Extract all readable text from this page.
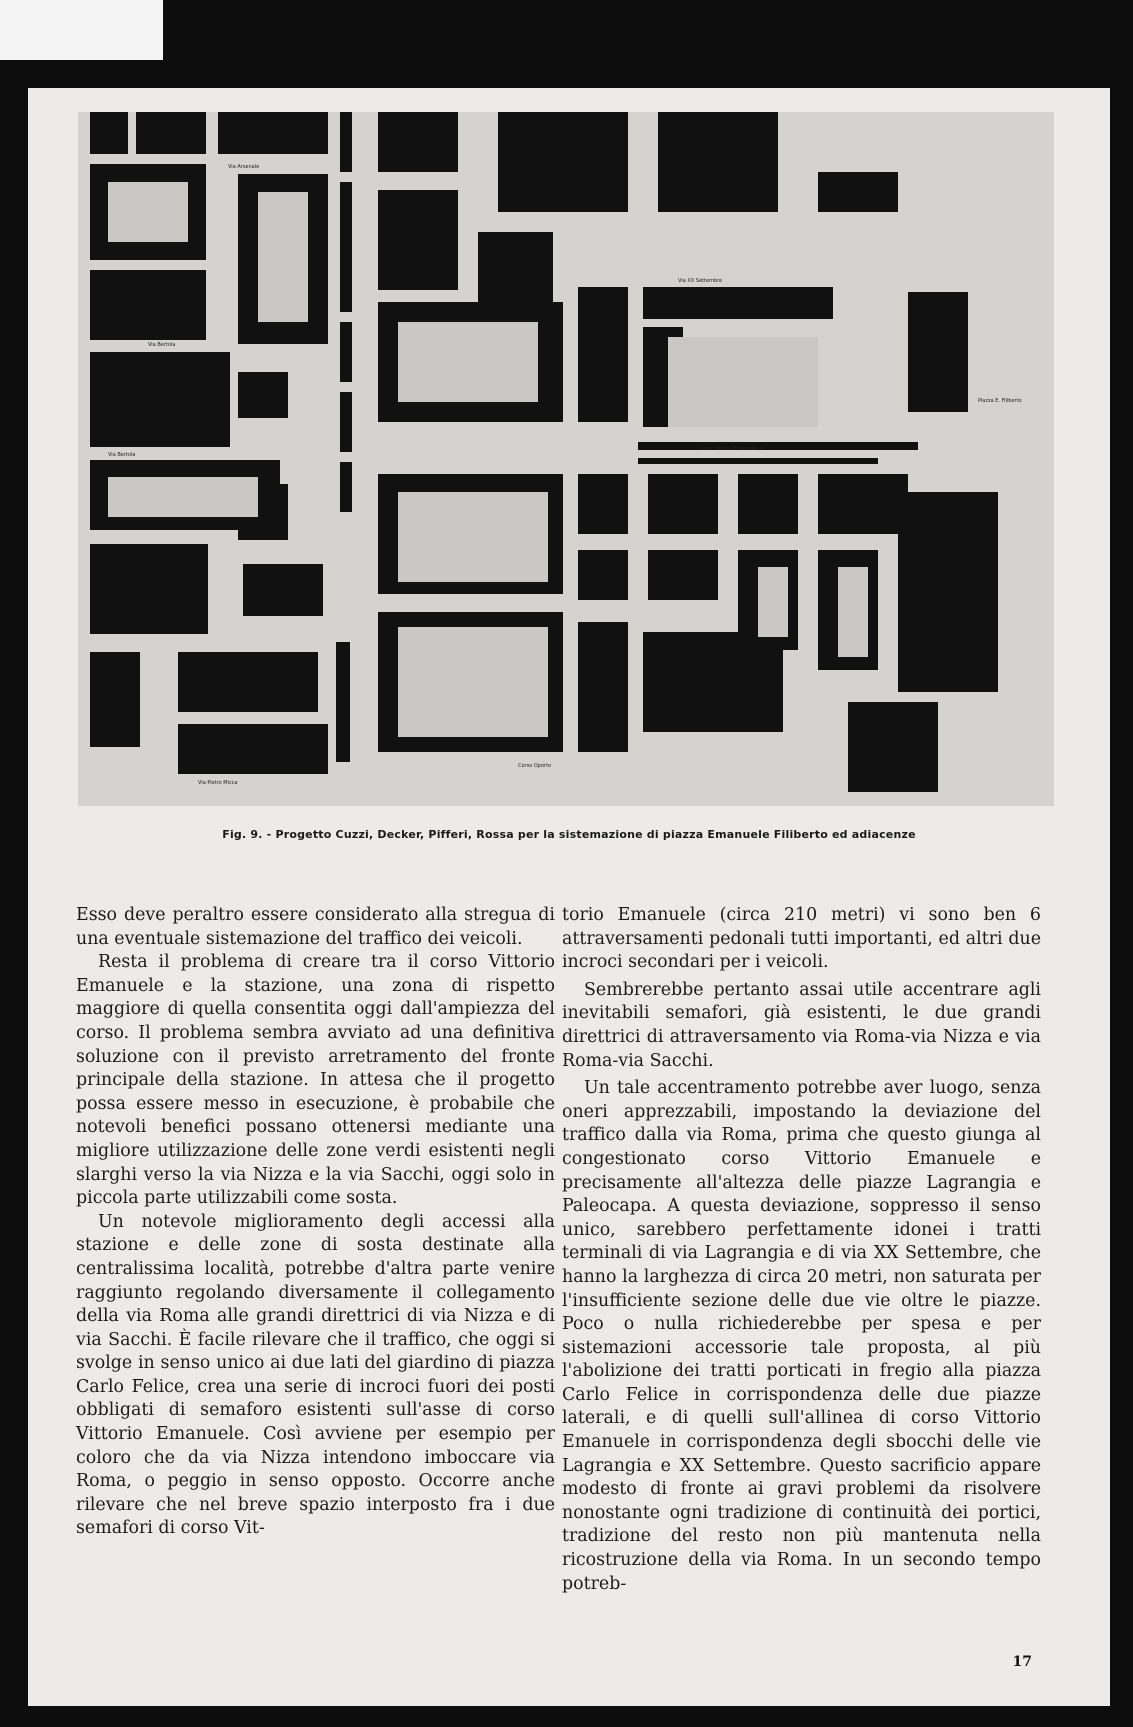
Via Arsenale
Via Bertola
Via Bertola
Via XX Settembre
Corso Vittorio Emanuele II
Piazza E. Filiberto
Via Pietro Micca
Corso Oporto
Fig. 9. - Progetto Cuzzi, Decker, Pifferi, Rossa per la sistemazione di piazza Emanuele Filiberto ed adiacenze

Esso deve peraltro essere considerato alla stregua di una eventuale sistemazione del traffico dei veicoli.

Resta il problema di creare tra il corso Vittorio Emanuele e la stazione, una zona di rispetto maggiore di quella consentita oggi dall'ampiezza del corso. Il problema sembra avviato ad una definitiva soluzione con il previsto arretramento del fronte principale della stazione. In attesa che il progetto possa essere messo in esecuzione, è probabile che notevoli benefici possano ottenersi mediante una migliore utilizzazione delle zone verdi esistenti negli slarghi verso la via Nizza e la via Sacchi, oggi solo in piccola parte utilizzabili come sosta.

Un notevole miglioramento degli accessi alla stazione e delle zone di sosta destinate alla centralissima località, potrebbe d'altra parte venire raggiunto regolando diversamente il collegamento della via Roma alle grandi direttrici di via Nizza e di via Sacchi. È facile rilevare che il traffico, che oggi si svolge in senso unico ai due lati del giardino di piazza Carlo Felice, crea una serie di incroci fuori dei posti obbligati di semaforo esistenti sull'asse di corso Vittorio Emanuele. Così avviene per esempio per coloro che da via Nizza intendono imboccare via Roma, o peggio in senso opposto. Occorre anche rilevare che nel breve spazio interposto fra i due semafori di corso Vit-

torio Emanuele (circa 210 metri) vi sono ben 6 attraversamenti pedonali tutti importanti, ed altri due incroci secondari per i veicoli.

Sembrerebbe pertanto assai utile accentrare agli inevitabili semafori, già esistenti, le due grandi direttrici di attraversamento via Roma-via Nizza e via Roma-via Sacchi.

Un tale accentramento potrebbe aver luogo, senza oneri apprezzabili, impostando la deviazione del traffico dalla via Roma, prima che questo giunga al congestionato corso Vittorio Emanuele e precisamente all'altezza delle piazze Lagrangia e Paleocapa. A questa deviazione, soppresso il senso unico, sarebbero perfettamente idonei i tratti terminali di via Lagrangia e di via XX Settembre, che hanno la larghezza di circa 20 metri, non saturata per l'insufficiente sezione delle due vie oltre le piazze. Poco o nulla richiederebbe per spesa e per sistemazioni accessorie tale proposta, al più l'abolizione dei tratti porticati in fregio alla piazza Carlo Felice in corrispondenza delle due piazze laterali, e di quelli sull'allinea di corso Vittorio Emanuele in corrispondenza degli sbocchi delle vie Lagrangia e XX Settembre. Questo sacrificio appare modesto di fronte ai gravi problemi da risolvere nonostante ogni tradizione di continuità dei portici, tradizione del resto non più mantenuta nella ricostruzione della via Roma. In un secondo tempo potreb-

17
